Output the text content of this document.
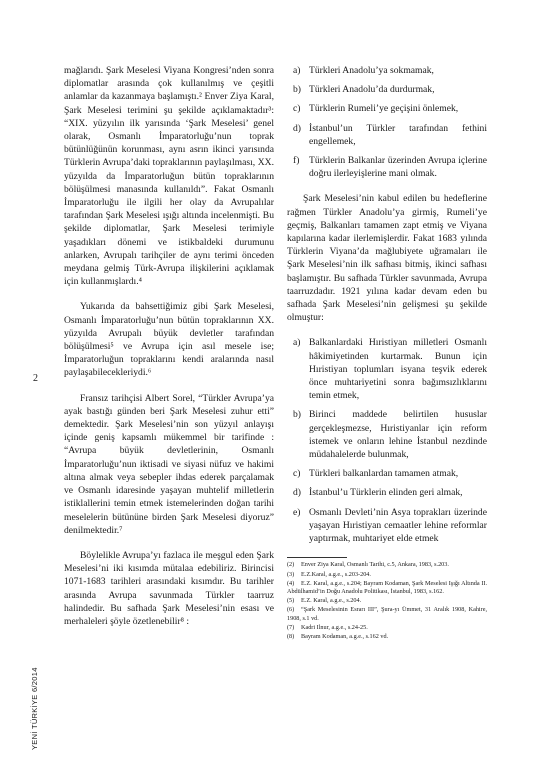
2
YENİ TÜRKİYE 6/2014

mağlarıdı. Şark Meselesi Viyana Kongresi’nden sonra diplomatlar arasında çok kullanılmış ve çeşitli anlamlar da kazanmaya başlamıştı.² Enver Ziya Karal, Şark Meselesi terimini şu şekilde açıklamaktadır³: “XIX. yüzyılın ilk yarısında ‘Şark Meselesi’ genel olarak, Osmanlı İmparatorluğu’nun toprak bütünlüğünün korunması, aynı asrın ikinci yarısında Türklerin Avrupa’daki topraklarının paylaşılması, XX. yüzyılda da İmparatorluğun bütün topraklarının bölüşülmesi manasında kullanıldı”. Fakat Osmanlı İmparatorluğu ile ilgili her olay da Avrupalılar tarafından Şark Meselesi ışığı altında incelenmişti. Bu şekilde diplomatlar, Şark Meselesi terimiyle yaşadıkları dönemi ve istikbaldeki durumunu anlarken, Avrupalı tarihçiler de aynı terimi önceden meydana gelmiş Türk-Avrupa ilişkilerini açıklamak için kullanmışlardı.⁴

Yukarıda da bahsettiğimiz gibi Şark Meselesi, Osmanlı İmparatorluğu’nun bütün topraklarının XX. yüzyılda Avrupalı büyük devletler tarafından bölüşülmesi⁵ ve Avrupa için asıl mesele ise; İmparatorluğun topraklarını kendi aralarında nasıl paylaşabilecekleriydi.⁶

Fransız tarihçisi Albert Sorel, “Türkler Avrupa’ya ayak bastığı günden beri Şark Meselesi zuhur etti” demektedir. Şark Meselesi’nin son yüzyıl anlayışı içinde geniş kapsamlı mükemmel bir tarifinde : “Avrupa büyük devletlerinin, Osmanlı İmparatorluğu’nun iktisadi ve siyasi nüfuz ve hakimi altına almak veya sebepler ihdas ederek parçalamak ve Osmanlı idaresinde yaşayan muhtelif milletlerin istiklallerini temin etmek istemelerinden doğan tarihi meselelerin bütününe birden Şark Meselesi diyoruz” denilmektedir.⁷

Böylelikle Avrupa’yı fazlaca ile meşgul eden Şark Meselesi’ni iki kısımda mütalaa edebiliriz. Birincisi 1071-1683 tarihleri arasındaki kısımdır. Bu tarihler arasında Avrupa savunmada Türkler taarruz halindedir. Bu safhada Şark Meselesi’nin esası ve merhaleleri şöyle özetlenebilir⁸ :

a) Türkleri Anadolu’ya sokmamak,
b) Türkleri Anadolu’da durdurmak,
c) Türklerin Rumeli’ye geçişini önlemek,
d) İstanbul’un Türkler tarafından fethini engellemek,
f)	Türklerin Balkanlar üzerinden Avrupa içlerine doğru ilerleyişlerine mani olmak.

Şark Meselesi’nin kabul edilen bu hedeflerine rağmen Türkler Anadolu’ya girmiş, Rumeli’ye geçmiş, Balkanları tamamen zapt etmiş ve Viyana kapılarına kadar ilerlemişlerdir. Fakat 1683 yılında Türklerin Viyana’da mağlubiyete uğramaları ile Şark Meselesi’nin ilk safhası bitmiş, ikinci safhası başlamıştır. Bu safhada Türkler savunmada, Avrupa taarruzdadır. 1921 yılına kadar devam eden bu safhada Şark Meselesi’nin gelişmesi şu şekilde olmuştur:

a) Balkanlardaki Hıristiyan milletleri Osmanlı hâkimiyetinden kurtarmak. Bunun için Hıristiyan toplumları isyana teşvik ederek önce muhtariyetini sonra bağımsızlıklarını temin etmek,
b) Birinci maddede belirtilen hususlar gerçekleşmezse, Hıristiyanlar için reform istemek ve onların lehine İstanbul nezdinde müdahalelerde bulunmak,
c) Türkleri balkanlardan tamamen atmak,
d) İstanbul’u Türklerin elinden geri almak,
e) Osmanlı Devleti’nin Asya toprakları üzerinde yaşayan Hıristiyan cemaatler lehine reformlar yaptırmak, muhtariyet elde etmek
(2) Enver Ziya Karal, Osmanlı Tarihi, c.5, Ankara, 1983, s.203.
(3) E.Z.Karal, a.g.e., s.203-204.
(4) E.Z. Karal, a.g.e., s.204; Bayram Kodaman, Şark Meselesi Işığı Altında II. Abdülhamid’in Doğu Anadolu Politikası, İstanbul, 1983, s.162.
(5) E.Z. Karal, a.g.e., s.204.
(6) “Şark Meselesinin Esrarı III”, Şura-yı Ümmet, 31 Aralık 1908, Kahire, 1908, s.1 vd.
(7) Kadri Ilnur, a.g.e., s.24-25.
(8) Bayram Kodaman, a.g.e., s.162 vd.
